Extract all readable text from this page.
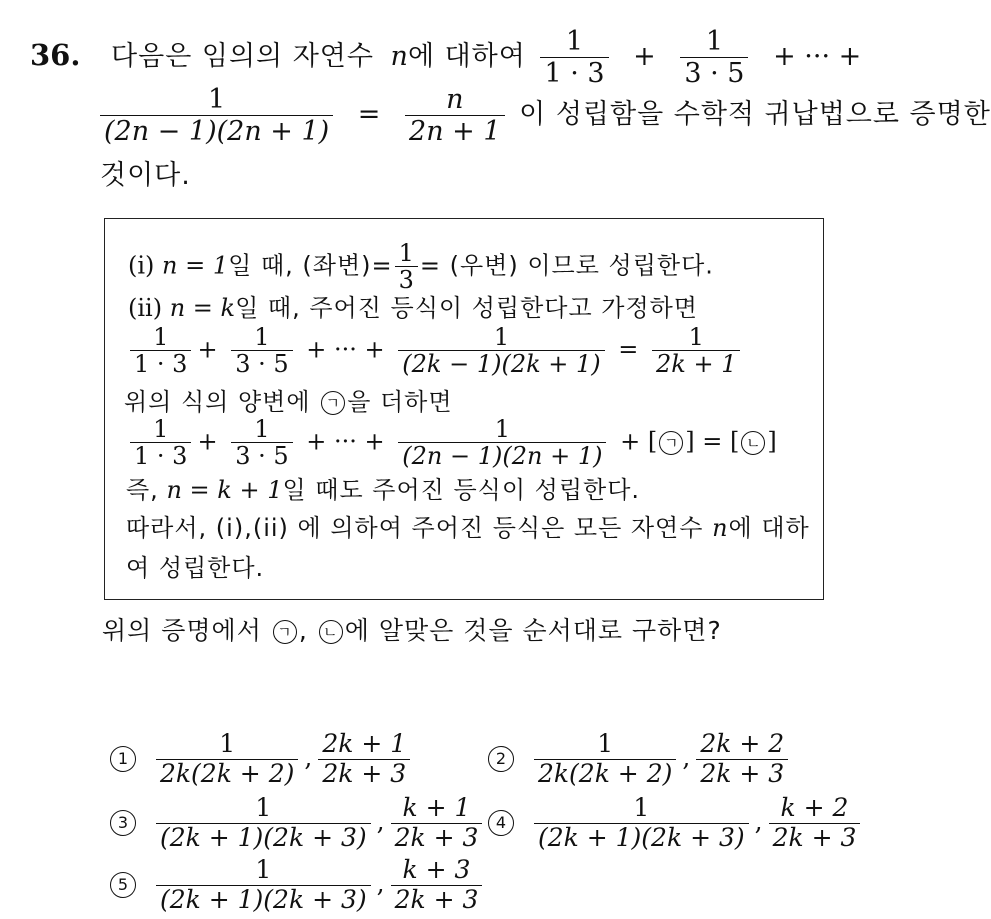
36. 다음은 임의의 자연수 n에 대하여 $\frac{1}{1 \cdot 3} + \frac{1}{3 \cdot 5}$ + ··· +
$\frac{1}{(2n - 1)(2n + 1)} = \frac{n}{2n + 1}$ 이 성립함을 수학적 귀납법으로 증명한
것이다.
(i) n = 1일 때, (좌변)= $\frac{1}{3}$ = (우변) 이므로 성립한다.
(ii) n = k일 때, 주어진 등식이 성립한다고 가정하면
$\frac{1}{1 \cdot 3} + \frac{1}{3 \cdot 5}$ + ··· + $\frac{1}{(2k - 1)(2k + 1)} = \frac{1}{2k + 1}$
위의 식의 양변에 ㄱ 을 더하면
$\frac{1}{1 \cdot 3} + \frac{1}{3 \cdot 5}$ + ··· + $\frac{1}{(2n - 1)(2n + 1)}$ + [ ㄱ ] = [ ㄴ ]
즉, n = k + 1일 때도 주어진 등식이 성립한다.
따라서, (i),(ii) 에 의하여 주어진 등식은 모든 자연수 n에 대하
여 성립한다.
위의 증명에서 ㄱ , ㄴ 에 알맞은 것을 순서대로 구하면?
$1 \frac{1}{2k(2k + 2)}$ , $\frac{2k + 1}{2k + 3}$	$2 \frac{1}{2k(2k + 2)}$ , $\frac{2k + 2}{2k + 3}$
$3 \frac{1}{(2k + 1)(2k + 3)}$ , $\frac{k + 1}{2k + 3} 4 \frac{1}{(2k + 1)(2k + 3)}$ , $\frac{k + 2}{2k + 3}$
$5 \frac{1}{(2k + 1)(2k + 3)}$ , $\frac{k + 3}{2k + 3}$
